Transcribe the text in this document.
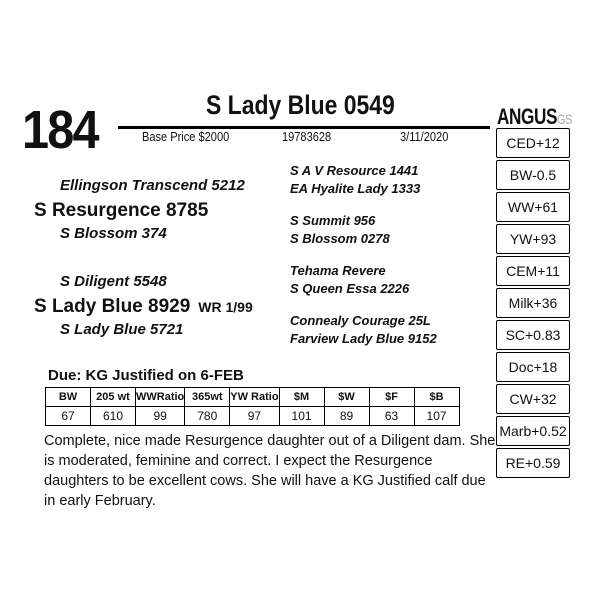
184	S Lady Blue 0549
Base Price $2000	19783628	3/11/2020
ANGUSGS
Ellingson Transcend 5212
S Resurgence 8785
S Blossom 374
S Diligent 5548
S Lady Blue 8929 WR 1/99
S Lady Blue 5721
S A V Resource 1441
EA Hyalite Lady 1333
S Summit 956
S Blossom 0278
Tehama Revere
S Queen Essa 2226
Connealy Courage 25L
Farview Lady Blue 9152
CED+12
BW-0.5
WW+61
YW+93
CEM+11
Milk+36
SC+0.83
Doc+18
CW+32
Marb+0.52
RE+0.59
Due: KG Justified on 6-FEB
BW	205 wt	WWRatio	365wt	YW Ratio	$M	$W	$F	$B
67	610	99	780	97	101	89	63	107
Complete, nice made Resurgence daughter out of a Diligent dam. She is moderated, feminine and correct. I expect the Resurgence daughters to be excellent cows. She will have a KG Justified calf due in early February.
